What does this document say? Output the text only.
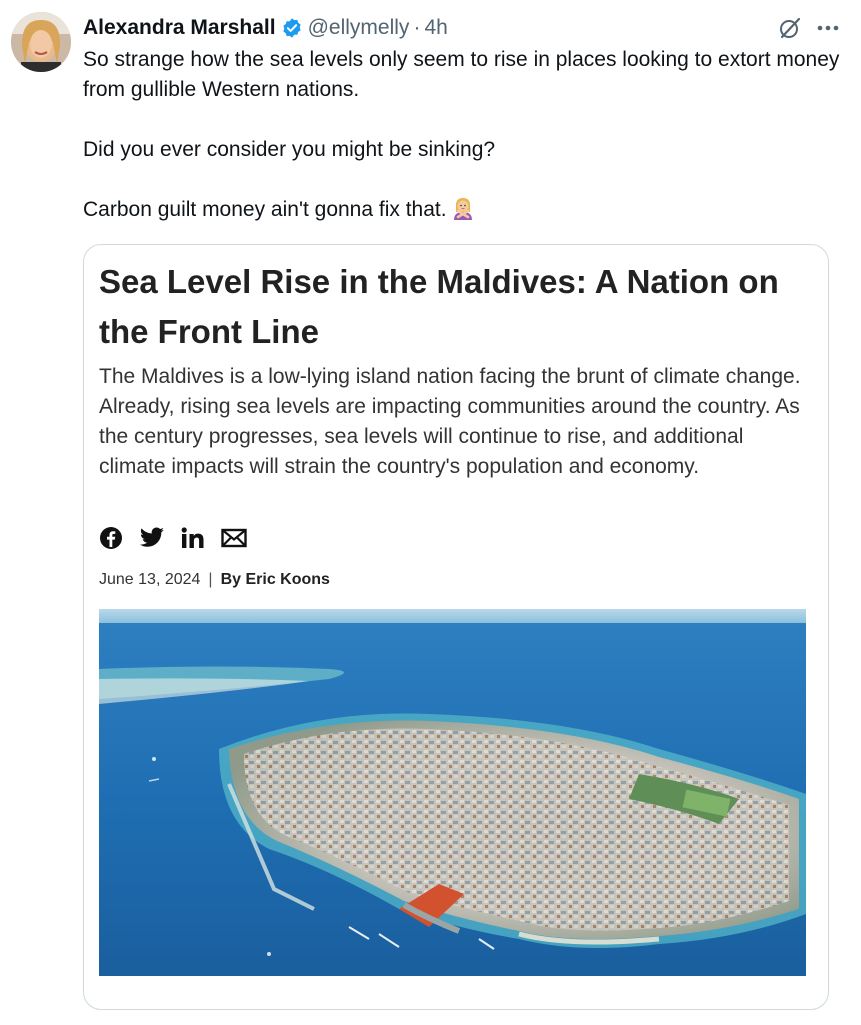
Alexandra Marshall @ellymelly · 4h

So strange how the sea levels only seem to rise in places looking to extort money from gullible Western nations.

Did you ever consider you might be sinking?

Carbon guilt money ain't gonna fix that.

Sea Level Rise in the Maldives: A Nation on the Front Line
The Maldives is a low-lying island nation facing the brunt of climate change. Already, rising sea levels are impacting communities around the country. As the century progresses, sea levels will continue to rise, and additional climate impacts will strain the country's population and economy.
June 13, 2024 | By Eric Koons
